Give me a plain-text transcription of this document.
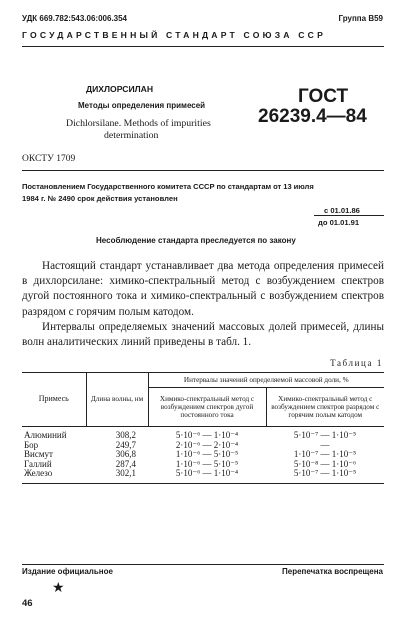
УДК 669.782:543.06:006.354	Группа В59
ГОСУДАРСТВЕННЫЙ СТАНДАРТ СОЮЗА ССР
ДИХЛОРСИЛАН
Методы определения примесей
Dichlorsilane. Methods of impurities
determination
ГОСТ
26239.4—84
ОКСТУ 1709
Постановлением Государственного комитета СССР по стандартам от 13 июля
1984 г. № 2490 срок действия установлен
с 01.01.86
до 01.01.91
Несоблюдение стандарта преследуется по закону

Настоящий стандарт устанавливает два метода определения примесей в дихлорсилане: химико-спектральный метод с возбуждением спектров дугой постоянного тока и химико-спектральный с возбуждением спектров разрядом с горячим полым катодом.

Интервалы определяемых значений массовых долей примесей, длины волн аналитических линий приведены в табл. 1.

Таблица 1
Примесь	Длина волны, нм	Интервалы значений определяемой массовой доли, %	
		Химико-спектральный метод с возбуждением спектров дугой постоянного тока	Химико-спектральный метод с возбуждением спектров разрядом с горячим полым катодом
Алюминий	308,2	5·10⁻⁶ — 1·10⁻⁴	5·10⁻⁷ — 1·10⁻⁵
Бор	249,7	2·10⁻⁶ — 2·10⁻⁴	—
Висмут	306,8	1·10⁻⁶ — 5·10⁻⁵	1·10⁻⁷ — 1·10⁻⁵
Галлий	287,4	1·10⁻⁶ — 5·10⁻⁵	5·10⁻⁸ — 1·10⁻⁶
Железо	302,1	5·10⁻⁶ — 1·10⁻⁴	5·10⁻⁷ — 1·10⁻⁵

Издание официальное	Перепечатка воспрещена
★
46
